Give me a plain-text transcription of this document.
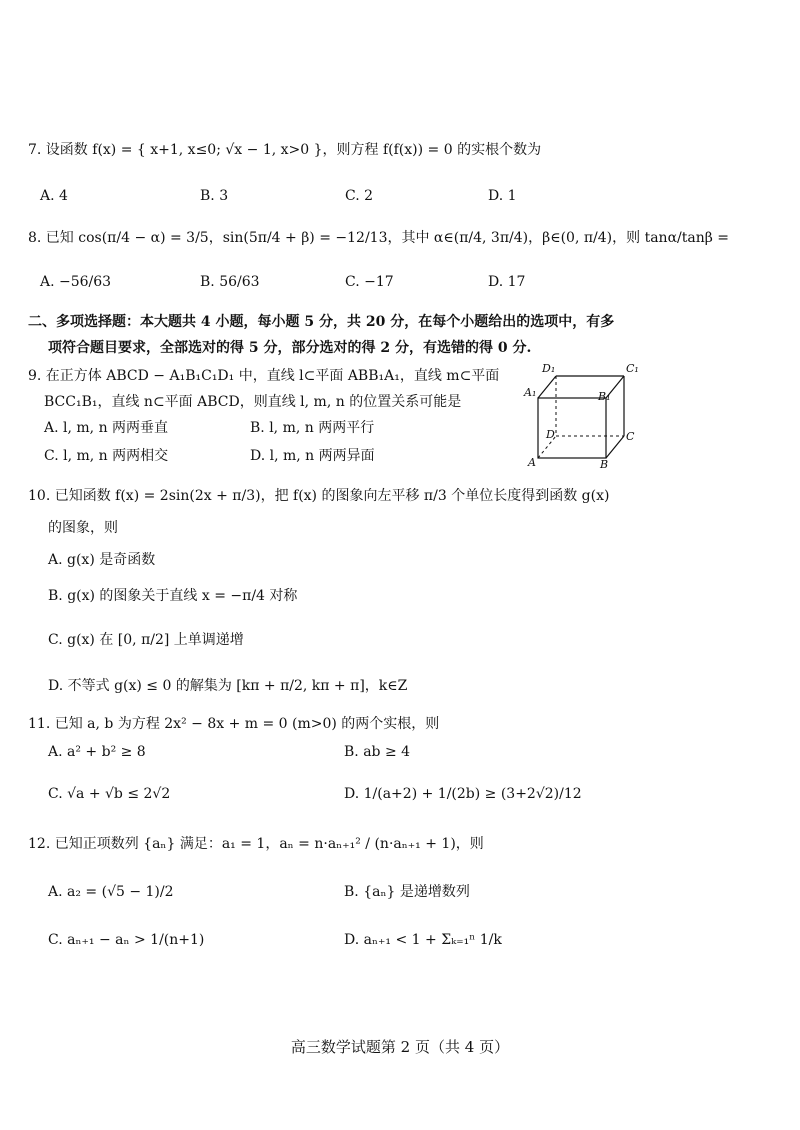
7. 设函数 f(x) = { x+1, x≤0; √x − 1, x>0 }，则方程 f(f(x)) = 0 的实根个数为
A. 4	B. 3	C. 2	D. 1
8. 已知 cos(π/4 − α) = 3/5，sin(5π/4 + β) = −12/13，其中 α∈(π/4, 3π/4)，β∈(0, π/4)，则 tanα/tanβ =
A. −56/63	B. 56/63	C. −17	D. 17
二、多项选择题：本大题共 4 小题，每小题 5 分，共 20 分，在每个小题给出的选项中，有多
项符合题目要求，全部选对的得 5 分，部分选对的得 2 分，有选错的得 0 分.
9. 在正方体 ABCD − A₁B₁C₁D₁ 中，直线 l⊂平面 ABB₁A₁，直线 m⊂平面
BCC₁B₁，直线 n⊂平面 ABCD，则直线 l, m, n 的位置关系可能是
A. l, m, n 两两垂直	B. l, m, n 两两平行
C. l, m, n 两两相交	D. l, m, n 两两异面
D₁	C₁
A₁	B₁
D	C
A	B
10. 已知函数 f(x) = 2sin(2x + π/3)，把 f(x) 的图象向左平移 π/3 个单位长度得到函数 g(x)
的图象，则
A. g(x) 是奇函数
B. g(x) 的图象关于直线 x = −π/4 对称
C. g(x) 在 [0, π/2] 上单调递增
D. 不等式 g(x) ≤ 0 的解集为 [kπ + π/2, kπ + π]，k∈Z
11. 已知 a, b 为方程 2x² − 8x + m = 0 (m>0) 的两个实根，则
A. a² + b² ≥ 8	B. ab ≥ 4
C. √a + √b ≤ 2√2	D. 1/(a+2) + 1/(2b) ≥ (3+2√2)/12
12. 已知正项数列 {aₙ} 满足：a₁ = 1，aₙ = n·aₙ₊₁² / (n·aₙ₊₁ + 1)，则
A. a₂ = (√5 − 1)/2	B. {aₙ} 是递增数列
C. aₙ₊₁ − aₙ > 1/(n+1)	D. aₙ₊₁ < 1 + Σₖ₌₁ⁿ 1/k
高三数学试题第 2 页（共 4 页）
